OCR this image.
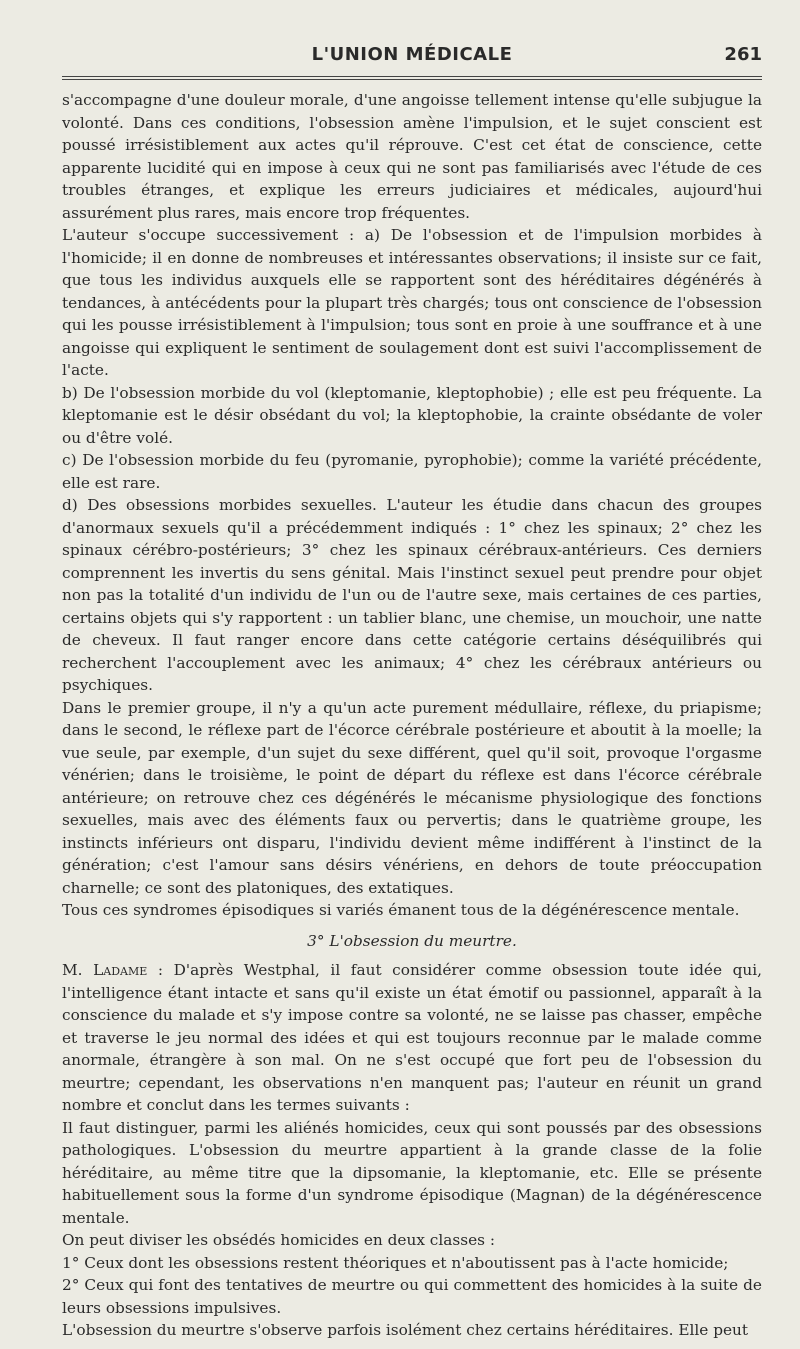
L'UNION MÉDICALE	261

s'accompagne d'une douleur morale, d'une angoisse tellement intense qu'elle subjugue la volonté. Dans ces conditions, l'obsession amène l'impulsion, et le sujet conscient est poussé irrésistiblement aux actes qu'il réprouve. C'est cet état de conscience, cette apparente lucidité qui en impose à ceux qui ne sont pas familiarisés avec l'étude de ces troubles étranges, et explique les erreurs judiciaires et médicales, aujourd'hui assurément plus rares, mais encore trop fréquentes.

L'auteur s'occupe successivement : a) De l'obsession et de l'impulsion morbides à l'homicide; il en donne de nombreuses et intéressantes observations; il insiste sur ce fait, que tous les individus auxquels elle se rapportent sont des héréditaires dégénérés à tendances, à antécédents pour la plupart très chargés; tous ont conscience de l'obsession qui les pousse irrésistiblement à l'impulsion; tous sont en proie à une souffrance et à une angoisse qui expliquent le sentiment de soulagement dont est suivi l'accomplissement de l'acte.

b) De l'obsession morbide du vol (kleptomanie, kleptophobie) ; elle est peu fréquente. La kleptomanie est le désir obsédant du vol; la kleptophobie, la crainte obsédante de voler ou d'être volé.

c) De l'obsession morbide du feu (pyromanie, pyrophobie); comme la variété précédente, elle est rare.

d) Des obsessions morbides sexuelles. L'auteur les étudie dans chacun des groupes d'anormaux sexuels qu'il a précédemment indiqués : 1° chez les spinaux; 2° chez les spinaux cérébro-postérieurs; 3° chez les spinaux cérébraux-antérieurs. Ces derniers comprennent les invertis du sens génital. Mais l'instinct sexuel peut prendre pour objet non pas la totalité d'un individu de l'un ou de l'autre sexe, mais certaines de ces parties, certains objets qui s'y rapportent : un tablier blanc, une chemise, un mouchoir, une natte de cheveux. Il faut ranger encore dans cette catégorie certains déséquilibrés qui recherchent l'accouplement avec les animaux; 4° chez les cérébraux antérieurs ou psychiques.

Dans le premier groupe, il n'y a qu'un acte purement médullaire, réflexe, du priapisme; dans le second, le réflexe part de l'écorce cérébrale postérieure et aboutit à la moelle; la vue seule, par exemple, d'un sujet du sexe différent, quel qu'il soit, provoque l'orgasme vénérien; dans le troisième, le point de départ du réflexe est dans l'écorce cérébrale antérieure; on retrouve chez ces dégénérés le mécanisme physiologique des fonctions sexuelles, mais avec des éléments faux ou pervertis; dans le quatrième groupe, les instincts inférieurs ont disparu, l'individu devient même indifférent à l'instinct de la génération; c'est l'amour sans désirs vénériens, en dehors de toute préoccupation charnelle; ce sont des platoniques, des extatiques.

Tous ces syndromes épisodiques si variés émanent tous de la dégénérescence mentale.

3° L'obsession du meurtre.

M. Ladame : D'après Westphal, il faut considérer comme obsession toute idée qui, l'intelligence étant intacte et sans qu'il existe un état émotif ou passionnel, apparaît à la conscience du malade et s'y impose contre sa volonté, ne se laisse pas chasser, empêche et traverse le jeu normal des idées et qui est toujours reconnue par le malade comme anormale, étrangère à son mal. On ne s'est occupé que fort peu de l'obsession du meurtre; cependant, les observations n'en manquent pas; l'auteur en réunit un grand nombre et conclut dans les termes suivants :

Il faut distinguer, parmi les aliénés homicides, ceux qui sont poussés par des obsessions pathologiques. L'obsession du meurtre appartient à la grande classe de la folie héréditaire, au même titre que la dipsomanie, la kleptomanie, etc. Elle se présente habituellement sous la forme d'un syndrome épisodique (Magnan) de la dégénérescence mentale.

On peut diviser les obsédés homicides en deux classes :

1° Ceux dont les obsessions restent théoriques et n'aboutissent pas à l'acte homicide;

2° Ceux qui font des tentatives de meurtre ou qui commettent des homicides à la suite de leurs obsessions impulsives.

L'obsession du meurtre s'observe parfois isolément chez certains héréditaires. Elle peut
